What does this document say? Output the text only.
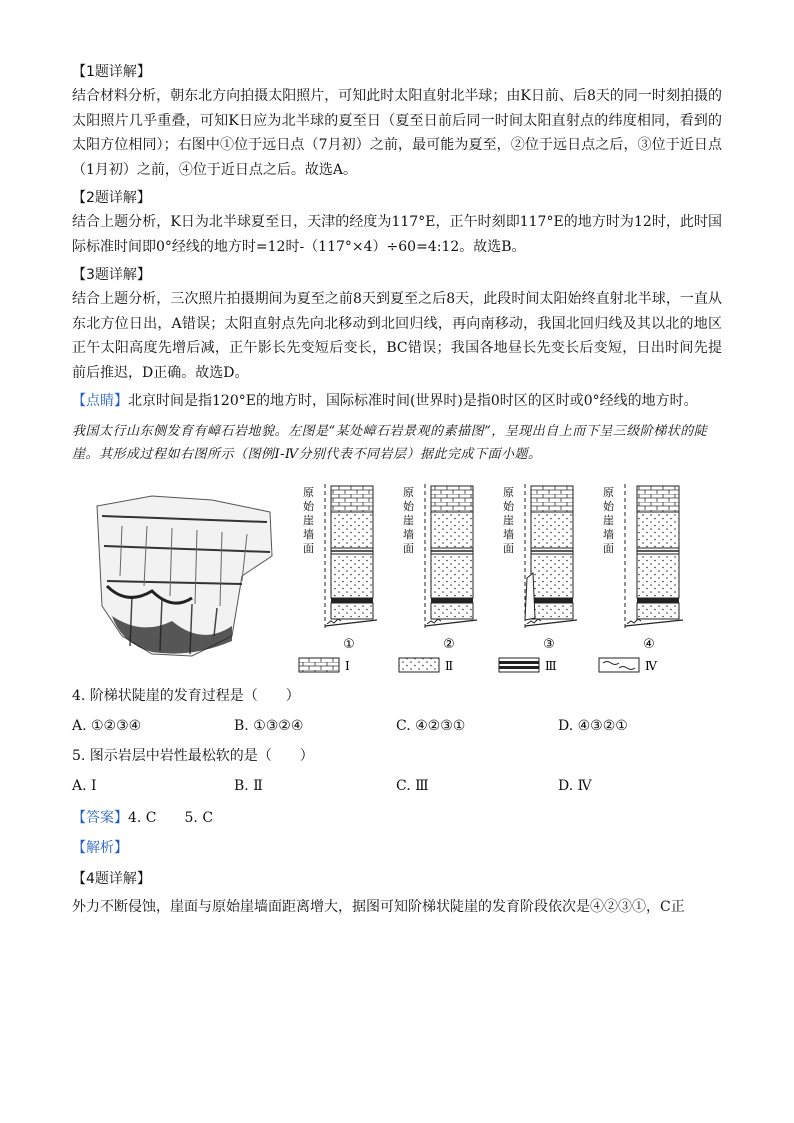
【1题详解】

结合材料分析，朝东北方向拍摄太阳照片，可知此时太阳直射北半球；由K日前、后8天的同一时刻拍摄的太阳照片几乎重叠，可知K日应为北半球的夏至日（夏至日前后同一时间太阳直射点的纬度相同，看到的太阳方位相同）；右图中①位于远日点（7月初）之前，最可能为夏至，②位于远日点之后，③位于近日点（1月初）之前，④位于近日点之后。故选A。

【2题详解】

结合上题分析，K日为北半球夏至日，天津的经度为117°E，正午时刻即117°E的地方时为12时，此时国际标准时间即0°经线的地方时=12时-（117°×4）÷60=4:12。故选B。

【3题详解】

结合上题分析，三次照片拍摄期间为夏至之前8天到夏至之后8天，此段时间太阳始终直射北半球，一直从东北方位日出，A错误；太阳直射点先向北移动到北回归线，再向南移动，我国北回归线及其以北的地区正午太阳高度先增后减，正午影长先变短后变长，BC错误；我国各地昼长先变长后变短，日出时间先提前后推迟，D正确。故选D。

【点睛】北京时间是指120°E的地方时，国际标准时间(世界时)是指0时区的区时或0°经线的地方时。

我国太行山东侧发育有嶂石岩地貌。左图是“某处嶂石岩景观的素描图”，呈现出自上而下呈三级阶梯状的陡崖。其形成过程如右图所示（图例Ⅰ-Ⅳ分别代表不同岩层）据此完成下面小题。

原始崖墙面
①
原始崖墙面
②
原始崖墙面
③
原始崖墙面
④
Ⅰ	Ⅱ	Ⅲ	Ⅳ

4. 阶梯状陡崖的发育过程是（　　）

A. ①②③④	B. ①③②④	C. ④②③①	D. ④③②①

5. 图示岩层中岩性最松软的是（　　）

A. Ⅰ	B. Ⅱ	C. Ⅲ	D. Ⅳ

【答案】4. C　　5. C

【解析】

【4题详解】

外力不断侵蚀，崖面与原始崖墙面距离增大，据图可知阶梯状陡崖的发育阶段依次是④②③①，C正
